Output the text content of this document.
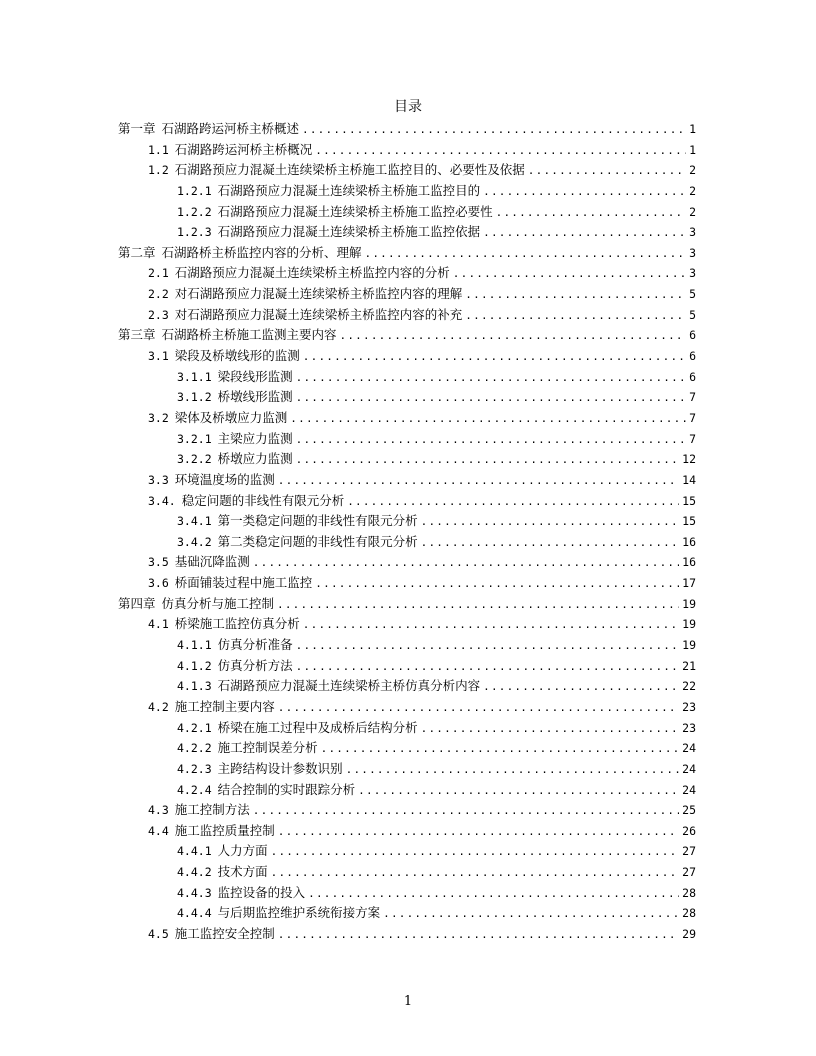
目录
第一章 石湖路跨运河桥主桥概述 .....	1
1.1 石湖路跨运河桥主桥概况 .....	1
1.2 石湖路预应力混凝土连续梁桥主桥施工监控目的、必要性及依据 .....	2
1.2.1 石湖路预应力混凝土连续梁桥主桥施工监控目的 .....	2
1.2.2 石湖路预应力混凝土连续梁桥主桥施工监控必要性 .....	2
1.2.3 石湖路预应力混凝土连续梁桥主桥施工监控依据 .....	3
第二章 石湖路桥主桥监控内容的分析、理解 .....	3
2.1 石湖路预应力混凝土连续梁桥主桥监控内容的分析 .....	3
2.2 对石湖路预应力混凝土连续梁桥主桥监控内容的理解 .....	5
2.3 对石湖路预应力混凝土连续梁桥主桥监控内容的补充 .....	5
第三章 石湖路桥主桥施工监测主要内容 .....	6
3.1 梁段及桥墩线形的监测 .....	6
3.1.1 梁段线形监测 .....	6
3.1.2 桥墩线形监测 .....	7
3.2 梁体及桥墩应力监测 .....	7
3.2.1 主梁应力监测 .....	7
3.2.2 桥墩应力监测 .....	12
3.3 环境温度场的监测 .....	14
3.4. 稳定问题的非线性有限元分析 .....	15
3.4.1 第一类稳定问题的非线性有限元分析 .....	15
3.4.2 第二类稳定问题的非线性有限元分析 .....	16
3.5 基础沉降监测 .....	16
3.6 桥面铺装过程中施工监控 .....	17
第四章 仿真分析与施工控制 .....	19
4.1 桥梁施工监控仿真分析 .....	19
4.1.1 仿真分析准备 .....	19
4.1.2 仿真分析方法 .....	21
4.1.3 石湖路预应力混凝土连续梁桥主桥仿真分析内容 .....	22
4.2 施工控制主要内容 .....	23
4.2.1 桥梁在施工过程中及成桥后结构分析 .....	23
4.2.2 施工控制误差分析 .....	24
4.2.3 主跨结构设计参数识别 .....	24
4.2.4 结合控制的实时跟踪分析 .....	24
4.3 施工控制方法 .....	25
4.4 施工监控质量控制 .....	26
4.4.1 人力方面 .....	27
4.4.2 技术方面 .....	27
4.4.3 监控设备的投入 .....	28
4.4.4 与后期监控维护系统衔接方案 .....	28
4.5 施工监控安全控制 .....	29
1
